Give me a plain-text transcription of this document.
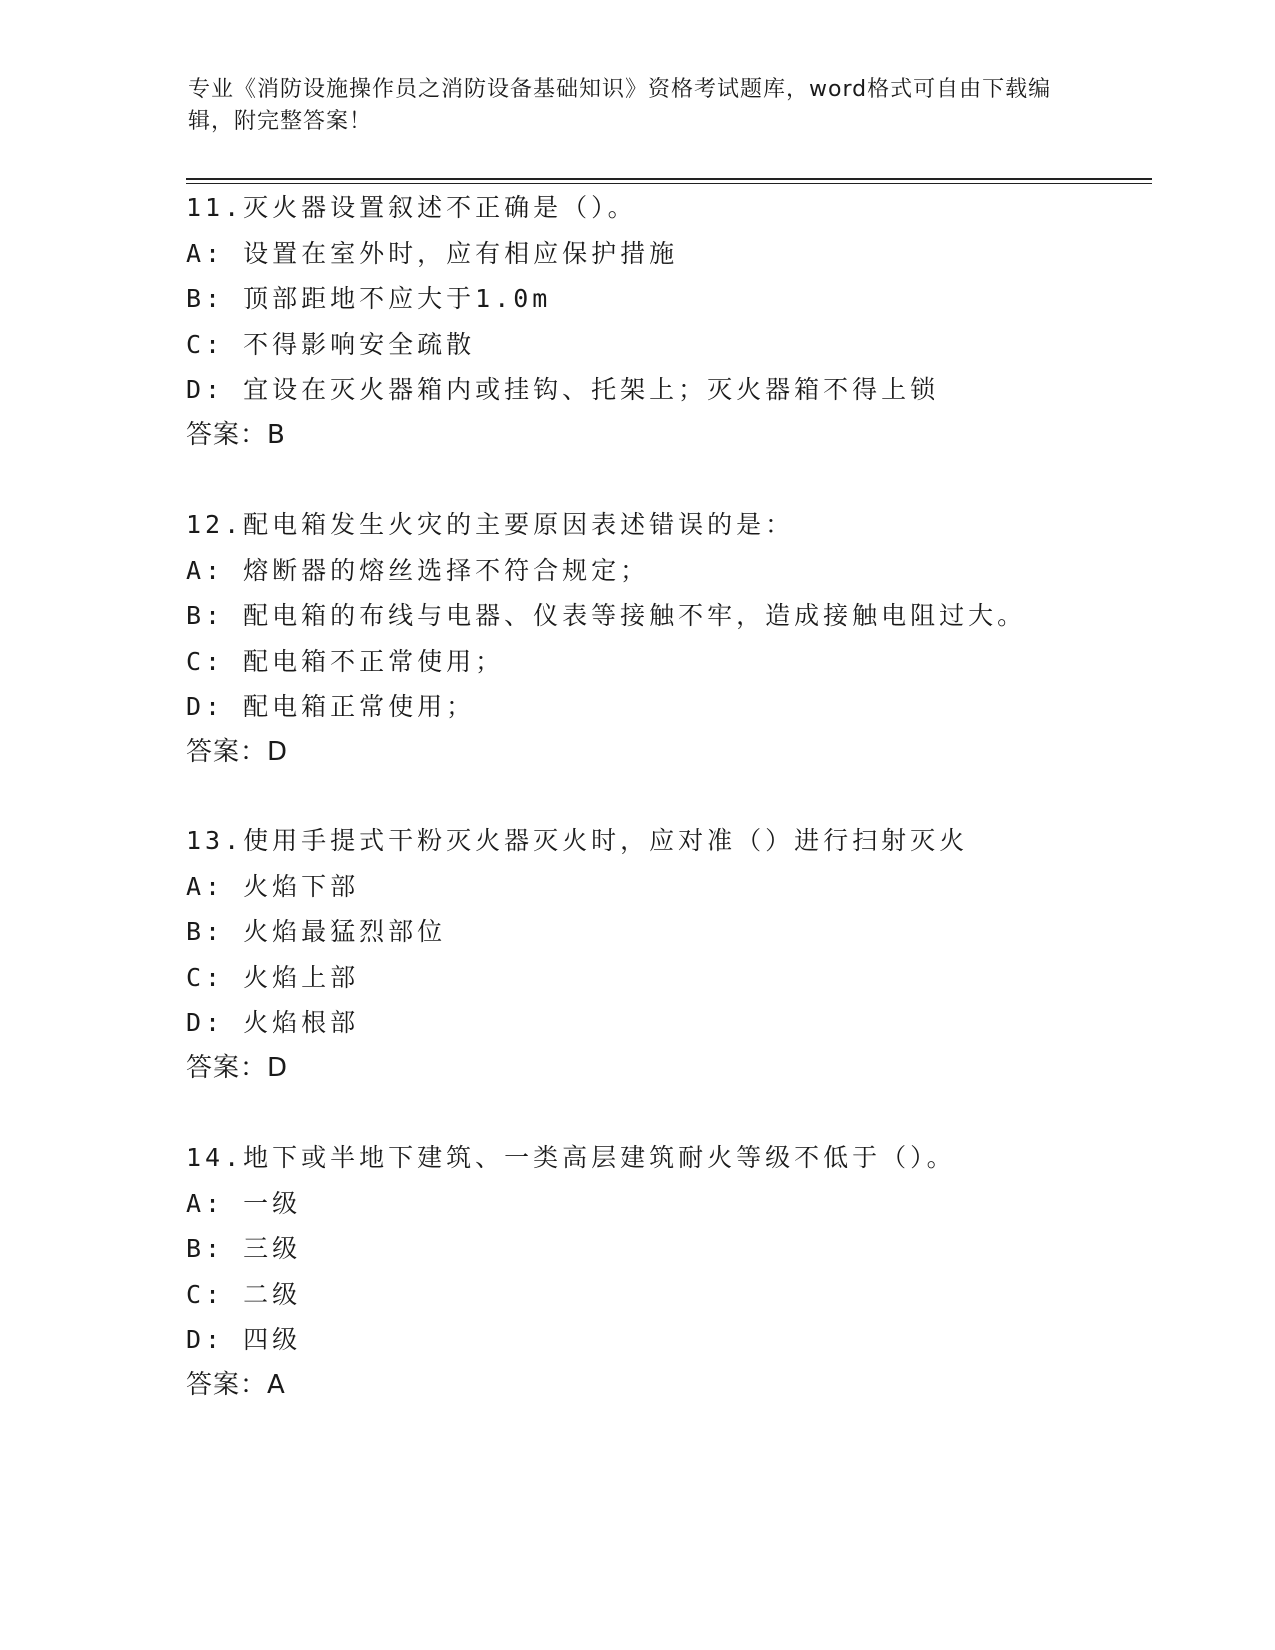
专业《消防设施操作员之消防设备基础知识》资格考试题库，word格式可自由下载编辑，附完整答案！
11.灭火器设置叙述不正确是（）。
A: 设置在室外时，应有相应保护措施
B: 顶部距地不应大于1.0m
C: 不得影响安全疏散
D: 宜设在灭火器箱内或挂钩、托架上；灭火器箱不得上锁
答案：B
12.配电箱发生火灾的主要原因表述错误的是：
A: 熔断器的熔丝选择不符合规定；
B: 配电箱的布线与电器、仪表等接触不牢，造成接触电阻过大。
C: 配电箱不正常使用；
D: 配电箱正常使用；
答案：D
13.使用手提式干粉灭火器灭火时，应对准（）进行扫射灭火
A: 火焰下部
B: 火焰最猛烈部位
C: 火焰上部
D: 火焰根部
答案：D
14.地下或半地下建筑、一类高层建筑耐火等级不低于（）。
A: 一级
B: 三级
C: 二级
D: 四级
答案：A
